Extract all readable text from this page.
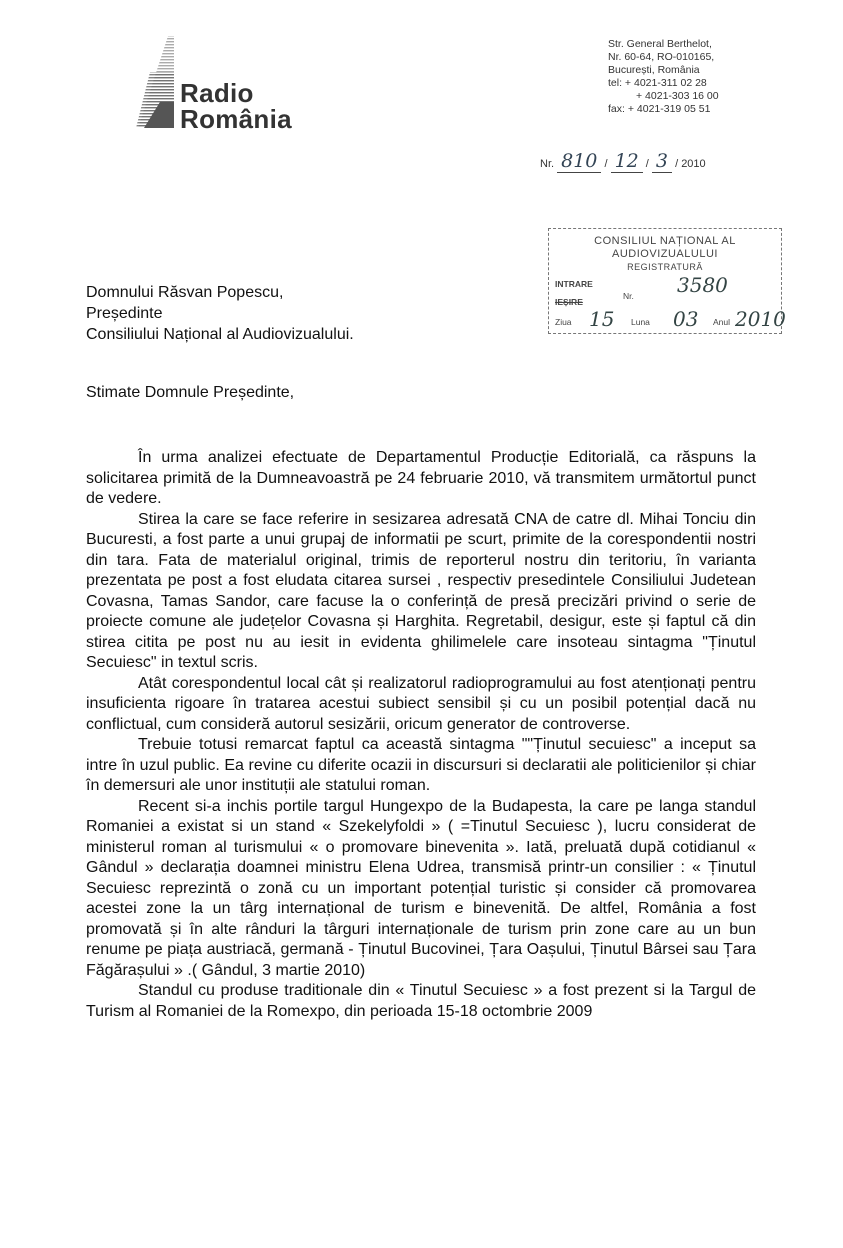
Radio
România
Str. General Berthelot,
Nr. 60-64, RO-010165,
București, România
tel: + 4021-311 02 28
+ 4021-303 16 00
fax: + 4021-319 05 51
Nr. 810 / 12 / 3 / 2010
CONSILIUL NAȚIONAL AL
AUDIOVIZUALULUI
REGISTRATURĂ
INTRARE
IEȘIRE
Nr. 3580
Ziua 15 Luna 03 Anul 2010
Domnului Răsvan Popescu,
Președinte
Consiliului Național al Audiovizualului.
Stimate Domnule Președinte,

În urma analizei efectuate de Departamentul Producție Editorială, ca răspuns la solicitarea primită de la Dumneavoastră pe 24 februarie 2010, vă transmitem următortul punct de vedere.

Stirea la care se face referire in sesizarea adresată CNA de catre dl. Mihai Tonciu din Bucuresti, a fost parte a unui grupaj de informatii pe scurt, primite de la corespondentii nostri din tara. Fata de materialul original, trimis de reporterul nostru din teritoriu, în varianta prezentata pe post a fost eludata citarea sursei , respectiv presedintele Consiliului Judetean Covasna, Tamas Sandor, care facuse la o conferință de presă precizări privind o serie de proiecte comune ale județelor Covasna și Harghita. Regretabil, desigur, este și faptul că din stirea citita pe post nu au iesit in evidenta ghilimelele care insoteau sintagma "Ținutul Secuiesc" in textul scris.

Atât corespondentul local cât și realizatorul radioprogramului au fost atenționați pentru insuficienta rigoare în tratarea acestui subiect sensibil și cu un posibil potențial dacă nu conflictual, cum consideră autorul sesizării, oricum generator de controverse.

Trebuie totusi remarcat faptul ca această sintagma ""Ținutul secuiesc" a inceput sa intre în uzul public. Ea revine cu diferite ocazii in discursuri si declaratii ale politicienilor și chiar în demersuri ale unor instituții ale statului roman.

Recent si-a inchis portile targul Hungexpo de la Budapesta, la care pe langa standul Romaniei a existat si un stand « Szekelyfoldi » ( =Tinutul Secuiesc ), lucru considerat de ministerul roman al turismului « o promovare binevenita ». Iată, preluată după cotidianul « Gândul » declarația doamnei ministru Elena Udrea, transmisă printr-un consilier : « Ținutul Secuiesc reprezintă o zonă cu un important potențial turistic și consider că promovarea acestei zone la un târg internațional de turism e binevenită. De altfel, România a fost promovată și în alte rânduri la târguri internaționale de turism prin zone care au un bun renume pe piața austriacă, germană - Ținutul Bucovinei, Țara Oașului, Ținutul Bârsei sau Țara Făgărașului » .( Gândul, 3 martie 2010)

Standul cu produse traditionale din « Tinutul Secuiesc » a fost prezent si la Targul de Turism al Romaniei de la Romexpo, din perioada 15-18 octombrie 2009
